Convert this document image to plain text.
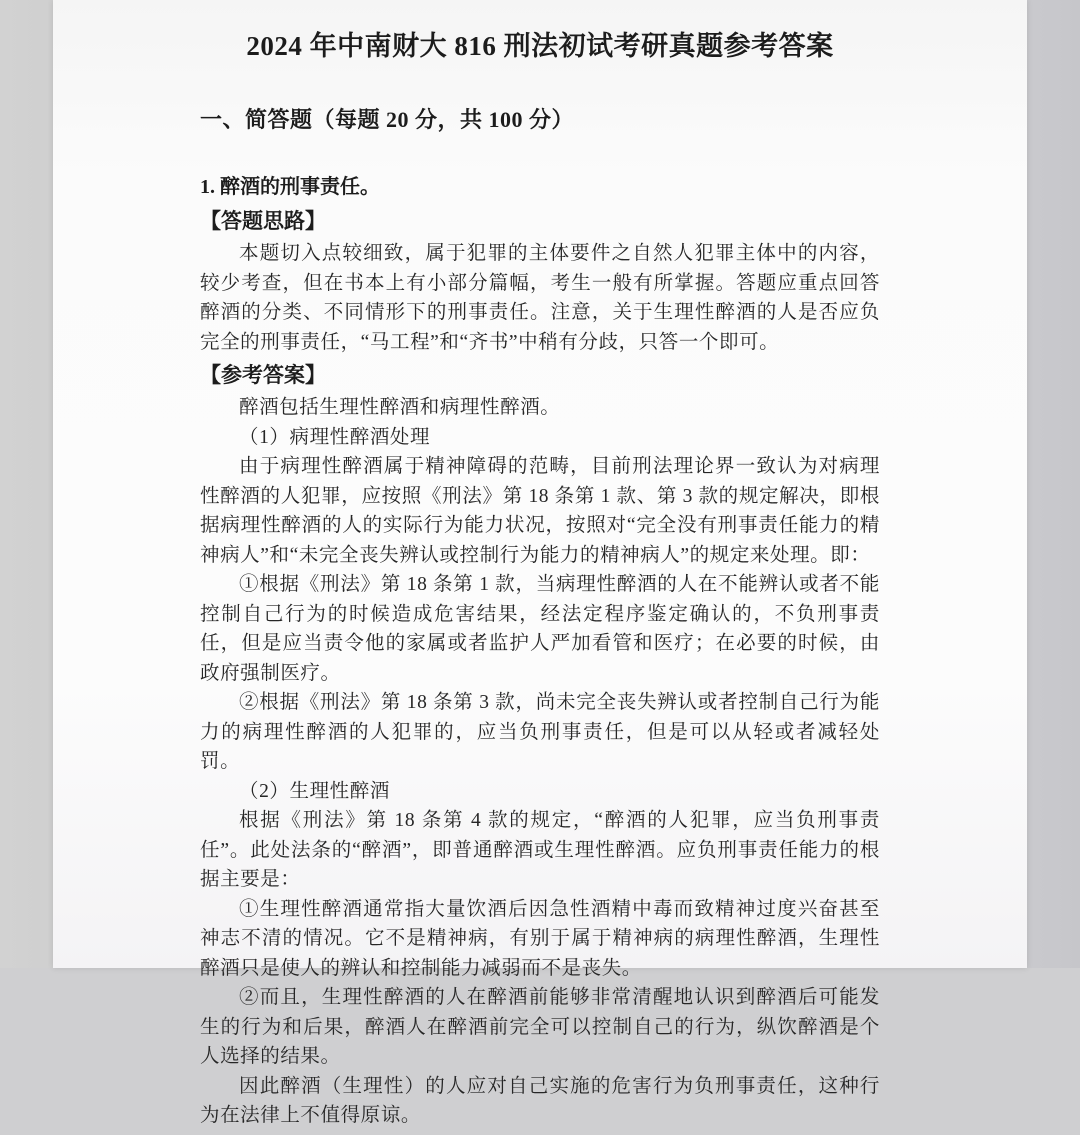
2024 年中南财大 816 刑法初试考研真题参考答案
一、简答题（每题 20 分，共 100 分）
1. 醉酒的刑事责任。
【答题思路】

本题切入点较细致，属于犯罪的主体要件之自然人犯罪主体中的内容，较少考查，但在书本上有小部分篇幅，考生一般有所掌握。答题应重点回答醉酒的分类、不同情形下的刑事责任。注意，关于生理性醉酒的人是否应负完全的刑事责任，“马工程”和“齐书”中稍有分歧，只答一个即可。

【参考答案】

醉酒包括生理性醉酒和病理性醉酒。

（1）病理性醉酒处理

由于病理性醉酒属于精神障碍的范畴，目前刑法理论界一致认为对病理性醉酒的人犯罪，应按照《刑法》第 18 条第 1 款、第 3 款的规定解决，即根据病理性醉酒的人的实际行为能力状况，按照对“完全没有刑事责任能力的精神病人”和“未完全丧失辨认或控制行为能力的精神病人”的规定来处理。即：

①根据《刑法》第 18 条第 1 款，当病理性醉酒的人在不能辨认或者不能控制自己行为的时候造成危害结果，经法定程序鉴定确认的，不负刑事责任，但是应当责令他的家属或者监护人严加看管和医疗；在必要的时候，由政府强制医疗。

②根据《刑法》第 18 条第 3 款，尚未完全丧失辨认或者控制自己行为能力的病理性醉酒的人犯罪的，应当负刑事责任，但是可以从轻或者减轻处罚。

（2）生理性醉酒

根据《刑法》第 18 条第 4 款的规定，“醉酒的人犯罪，应当负刑事责任”。此处法条的“醉酒”，即普通醉酒或生理性醉酒。应负刑事责任能力的根据主要是：

①生理性醉酒通常指大量饮酒后因急性酒精中毒而致精神过度兴奋甚至神志不清的情况。它不是精神病，有别于属于精神病的病理性醉酒，生理性醉酒只是使人的辨认和控制能力减弱而不是丧失。

②而且，生理性醉酒的人在醉酒前能够非常清醒地认识到醉酒后可能发生的行为和后果，醉酒人在醉酒前完全可以控制自己的行为，纵饮醉酒是个人选择的结果。

因此醉酒（生理性）的人应对自己实施的危害行为负刑事责任，这种行为在法律上不值得原谅。
